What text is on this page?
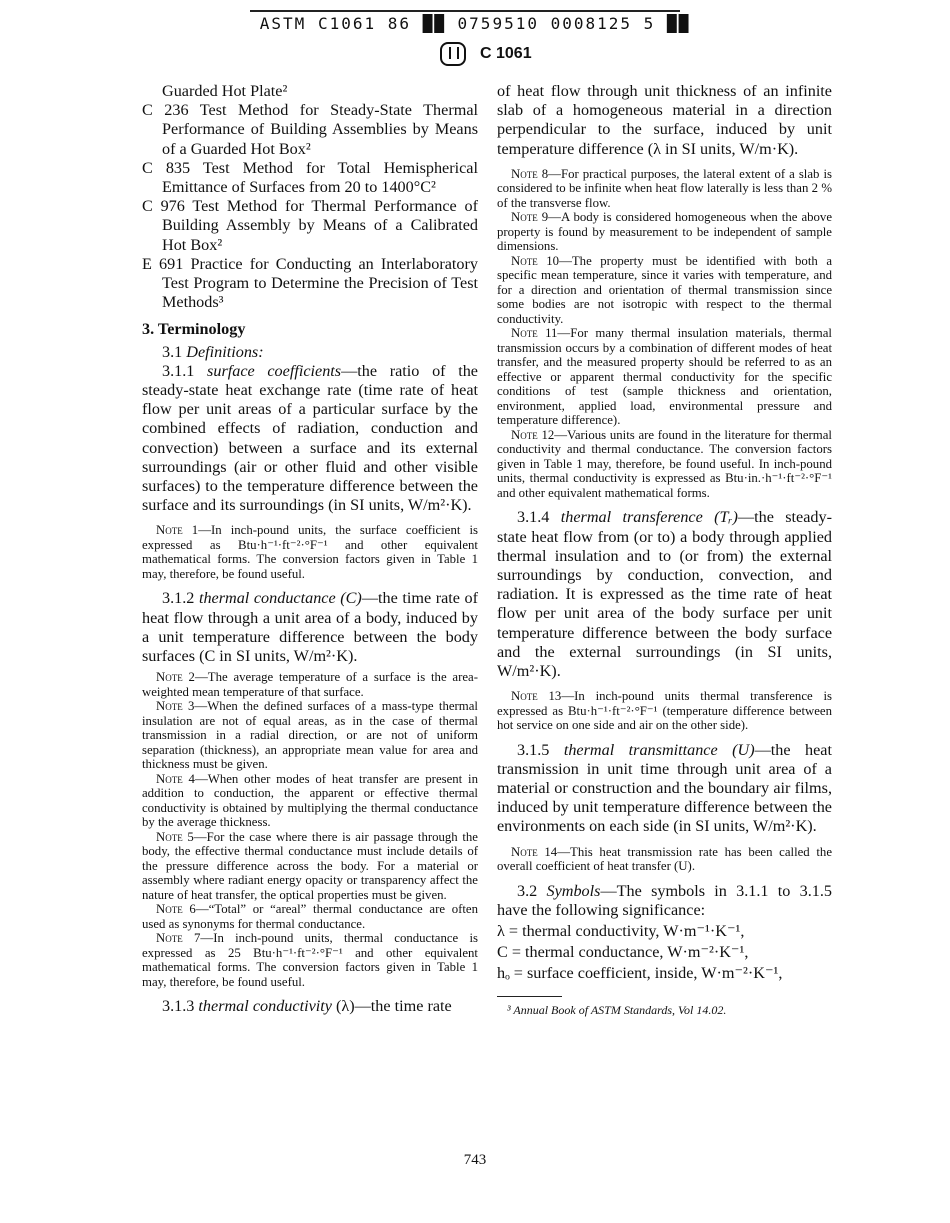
ASTM C1061 86 ██ 0759510 0008125 5 ██
C 1061

Guarded Hot Plate²

C 236 Test Method for Steady-State Thermal Performance of Building Assemblies by Means of a Guarded Hot Box²

C 835 Test Method for Total Hemispherical Emittance of Surfaces from 20 to 1400°C²

C 976 Test Method for Thermal Performance of Building Assembly by Means of a Calibrated Hot Box²

E 691 Practice for Conducting an Interlaboratory Test Program to Determine the Precision of Test Methods³

3. Terminology

3.1 Definitions:

3.1.1 surface coefficients—the ratio of the steady-state heat exchange rate (time rate of heat flow per unit areas of a particular surface by the combined effects of radiation, conduction and convection) between a surface and its external surroundings (air or other fluid and other visible surfaces) to the temperature difference between the surface and its surroundings (in SI units, W/m²·K).

Note 1—In inch-pound units, the surface coefficient is expressed as Btu·h⁻¹·ft⁻²·°F⁻¹ and other equivalent mathematical forms. The conversion factors given in Table 1 may, therefore, be found useful.

3.1.2 thermal conductance (C)—the time rate of heat flow through a unit area of a body, induced by a unit temperature difference between the body surfaces (C in SI units, W/m²·K).

Note 2—The average temperature of a surface is the area-weighted mean temperature of that surface.

Note 3—When the defined surfaces of a mass-type thermal insulation are not of equal areas, as in the case of thermal transmission in a radial direction, or are not of uniform separation (thickness), an appropriate mean value for area and thickness must be given.

Note 4—When other modes of heat transfer are present in addition to conduction, the apparent or effective thermal conductivity is obtained by multiplying the thermal conductance by the average thickness.

Note 5—For the case where there is air passage through the body, the effective thermal conductance must include details of the pressure difference across the body. For a material or assembly where radiant energy opacity or transparency affect the nature of heat transfer, the optical properties must be given.

Note 6—“Total” or “areal” thermal conductance are often used as synonyms for thermal conductance.

Note 7—In inch-pound units, thermal conductance is expressed as 25 Btu·h⁻¹·ft⁻²·°F⁻¹ and other equivalent mathematical forms. The conversion factors given in Table 1 may, therefore, be found useful.

3.1.3 thermal conductivity (λ)—the time rate

of heat flow through unit thickness of an infinite slab of a homogeneous material in a direction perpendicular to the surface, induced by unit temperature difference (λ in SI units, W/m·K).

Note 8—For practical purposes, the lateral extent of a slab is considered to be infinite when heat flow laterally is less than 2 % of the transverse flow.

Note 9—A body is considered homogeneous when the above property is found by measurement to be independent of sample dimensions.

Note 10—The property must be identified with both a specific mean temperature, since it varies with temperature, and for a direction and orientation of thermal transmission since some bodies are not isotropic with respect to the thermal conductivity.

Note 11—For many thermal insulation materials, thermal transmission occurs by a combination of different modes of heat transfer, and the measured property should be referred to as an effective or apparent thermal conductivity for the specific conditions of test (sample thickness and orientation, environment, applied load, environmental pressure and temperature difference).

Note 12—Various units are found in the literature for thermal conductivity and thermal conductance. The conversion factors given in Table 1 may, therefore, be found useful. In inch-pound units, thermal conductivity is expressed as Btu·in.·h⁻¹·ft⁻²·°F⁻¹ and other equivalent mathematical forms.

3.1.4 thermal transference (Tᵣ)—the steady-state heat flow from (or to) a body through applied thermal insulation and to (or from) the external surroundings by conduction, convection, and radiation. It is expressed as the time rate of heat flow per unit area of the body surface per unit temperature difference between the body surface and the external surroundings (in SI units, W/m²·K).

Note 13—In inch-pound units thermal transference is expressed as Btu·h⁻¹·ft⁻²·°F⁻¹ (temperature difference between hot service on one side and air on the other side).

3.1.5 thermal transmittance (U)—the heat transmission in unit time through unit area of a material or construction and the boundary air films, induced by unit temperature difference between the environments on each side (in SI units, W/m²·K).

Note 14—This heat transmission rate has been called the overall coefficient of heat transfer (U).

3.2 Symbols—The symbols in 3.1.1 to 3.1.5 have the following significance:

λ = thermal conductivity, W·m⁻¹·K⁻¹,

C = thermal conductance, W·m⁻²·K⁻¹,

hₒ = surface coefficient, inside, W·m⁻²·K⁻¹,

³ Annual Book of ASTM Standards, Vol 14.02.

743
